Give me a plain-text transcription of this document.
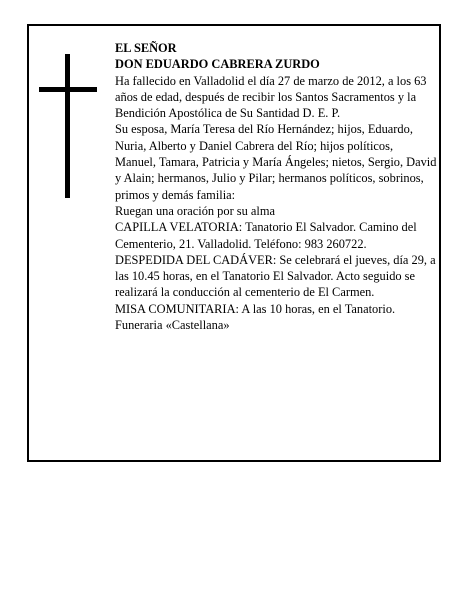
EL SEÑOR

DON EDUARDO CABRERA ZURDO

Ha fallecido en Valladolid el día 27 de marzo de 2012, a los 63 años de edad, después de recibir los Santos Sacramentos y la Bendición Apostólica de Su Santidad D. E. P.

Su esposa, María Teresa del Río Hernández; hijos, Eduardo, Nuria, Alberto y Daniel Cabrera del Río; hijos políticos, Manuel, Tamara, Patricia y María Ángeles; nietos, Sergio, David y Alain; hermanos, Julio y Pilar; hermanos políticos, sobrinos, primos y demás familia:

Ruegan una oración por su alma

CAPILLA VELATORIA: Tanatorio El Salvador. Camino del Cementerio, 21. Valladolid. Teléfono: 983 260722.

DESPEDIDA DEL CADÁVER: Se celebrará el jueves, día 29, a las 10.45 horas, en el Tanatorio El Salvador. Acto seguido se realizará la conducción al cementerio de El Carmen.

MISA COMUNITARIA: A las 10 horas, en el Tanatorio.

Funeraria «Castellana»
